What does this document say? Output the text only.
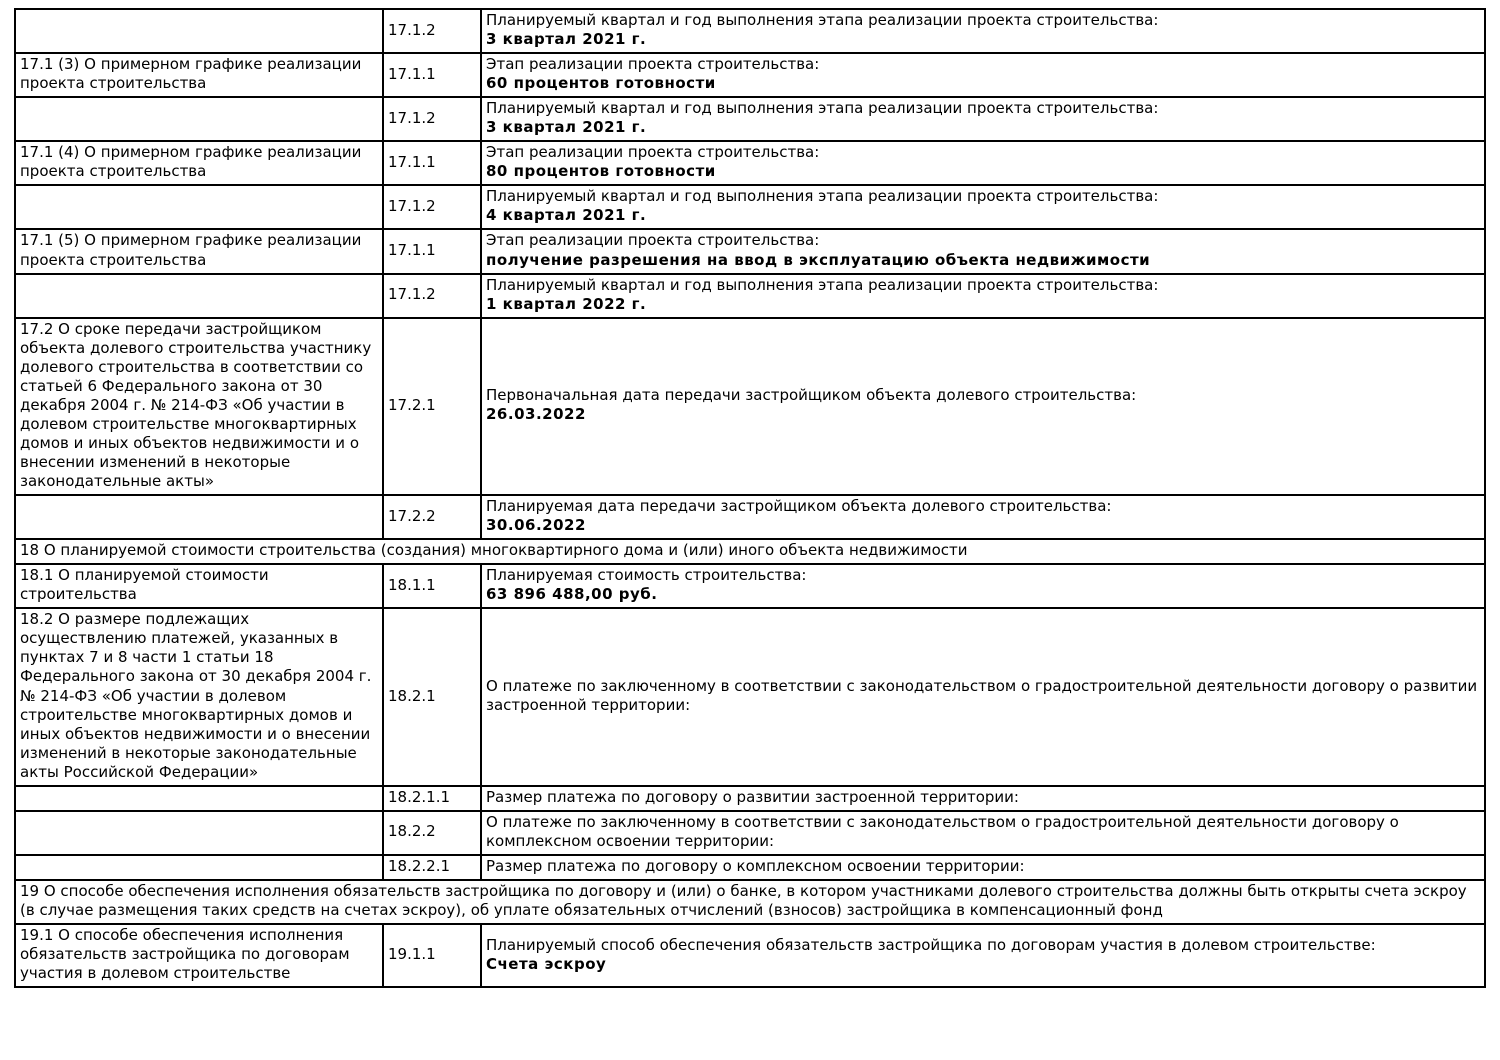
	17.1.2	Планируемый квартал и год выполнения этапа реализации проекта строительства:
3 квартал 2021 г.

17.1 (3) О примерном графике реализации проекта строительства	17.1.1	Этап реализации проекта строительства:
60 процентов готовности

	17.1.2	Планируемый квартал и год выполнения этапа реализации проекта строительства:
3 квартал 2021 г.

17.1 (4) О примерном графике реализации проекта строительства	17.1.1	Этап реализации проекта строительства:
80 процентов готовности

	17.1.2	Планируемый квартал и год выполнения этапа реализации проекта строительства:
4 квартал 2021 г.

17.1 (5) О примерном графике реализации проекта строительства	17.1.1	Этап реализации проекта строительства:
получение разрешения на ввод в эксплуатацию объекта недвижимости

	17.1.2	Планируемый квартал и год выполнения этапа реализации проекта строительства:
1 квартал 2022 г.

17.2 О сроке передачи застройщиком объекта долевого строительства участнику долевого строительства в соответствии со статьей 6 Федерального закона от 30 декабря 2004 г. № 214-ФЗ «Об участии в долевом строительстве многоквартирных домов и иных объектов недвижимости и о внесении изменений в некоторые законодательные акты»	17.2.1	Первоначальная дата передачи застройщиком объекта долевого строительства:
26.03.2022

	17.2.2	Планируемая дата передачи застройщиком объекта долевого строительства:
30.06.2022

18 О планируемой стоимости строительства (создания) многоквартирного дома и (или) иного объекта недвижимости		
18.1 О планируемой стоимости строительства	18.1.1	Планируемая стоимость строительства:
63 896 488,00 руб.

18.2 О размере подлежащих осуществлению платежей, указанных в пунктах 7 и 8 части 1 статьи 18 Федерального закона от 30 декабря 2004 г. № 214-ФЗ «Об участии в долевом строительстве многоквартирных домов и иных объектов недвижимости и о внесении изменений в некоторые законодательные акты Российской Федерации»	18.2.1	О платеже по заключенному в соответствии с законодательством о градостроительной деятельности договору о развитии застроенной территории:

	18.2.1.1	Размер платежа по договору о развитии застроенной территории:

	18.2.2	О платеже по заключенному в соответствии с законодательством о градостроительной деятельности договору о комплексном освоении территории:

	18.2.2.1	Размер платежа по договору о комплексном освоении территории:

19 О способе обеспечения исполнения обязательств застройщика по договору и (или) о банке, в котором участниками долевого строительства должны быть открыты счета эскроу (в случае размещения таких средств на счетах эскроу), об уплате обязательных отчислений (взносов) застройщика в компенсационный фонд		
19.1 О способе обеспечения исполнения обязательств застройщика по договорам участия в долевом строительстве	19.1.1	Планируемый способ обеспечения обязательств застройщика по договорам участия в долевом строительстве:
Счета эскроу
